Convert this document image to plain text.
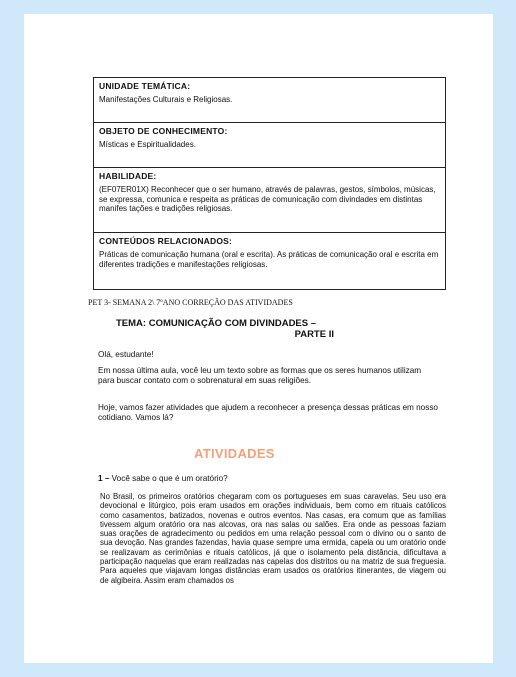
UNIDADE TEMÁTICA:
Manifestações Culturais e Religiosas.
OBJETO DE CONHECIMENTO:
Místicas e Espiritualidades.
HABILIDADE:
(EF07ER01X) Reconhecer que o ser humano, através de palavras, gestos, símbolos, músicas, se expressa, comunica e respeita as práticas de comunicação com divindades em distintas manifes tações e tradições religiosas.
CONTEÚDOS RELACIONADOS:
Práticas de comunicação humana (oral e escrita). As práticas de comunicação oral e escrita em diferentes tradições e manifestações religiosas.
PET 3- SEMANA 2\ 7ºANO CORREÇÃO DAS ATIVIDADES
TEMA: COMUNICAÇÃO COM DIVINDADES –
PARTE II
Olá, estudante!
Em nossa última aula, você leu um texto sobre as formas que os seres humanos utilizam para buscar contato com o sobrenatural em suas religiões.
Hoje, vamos fazer atividades que ajudem a reconhecer a presença dessas práticas em nosso cotidiano. Vamos lá?
ATIVIDADES
1 – Você sabe o que é um oratório?
No Brasil, os primeiros oratórios chegaram com os portugueses em suas caravelas. Seu uso era devocional e litúrgico, pois eram usados em orações individuais, bem como em rituais católicos como casamentos, batizados, novenas e outros eventos. Nas casas, era comum que as famílias tivessem algum oratório ora nas alcovas, ora nas salas ou salões. Era onde as pessoas faziam suas orações de agradecimento ou pedidos em uma relação pessoal com o divino ou o santo de sua devoção. Nas grandes fazendas, havia quase sempre uma ermida, capela ou um oratório onde se realizavam as cerimônias e rituais católicos, já que o isolamento pela distância, dificultava a participação naquelas que eram realizadas nas capelas dos distritos ou na matriz de sua freguesia. Para aqueles que viajavam longas distâncias eram usados os oratórios itinerantes, de viagem ou de algibeira. Assim eram chamados os
